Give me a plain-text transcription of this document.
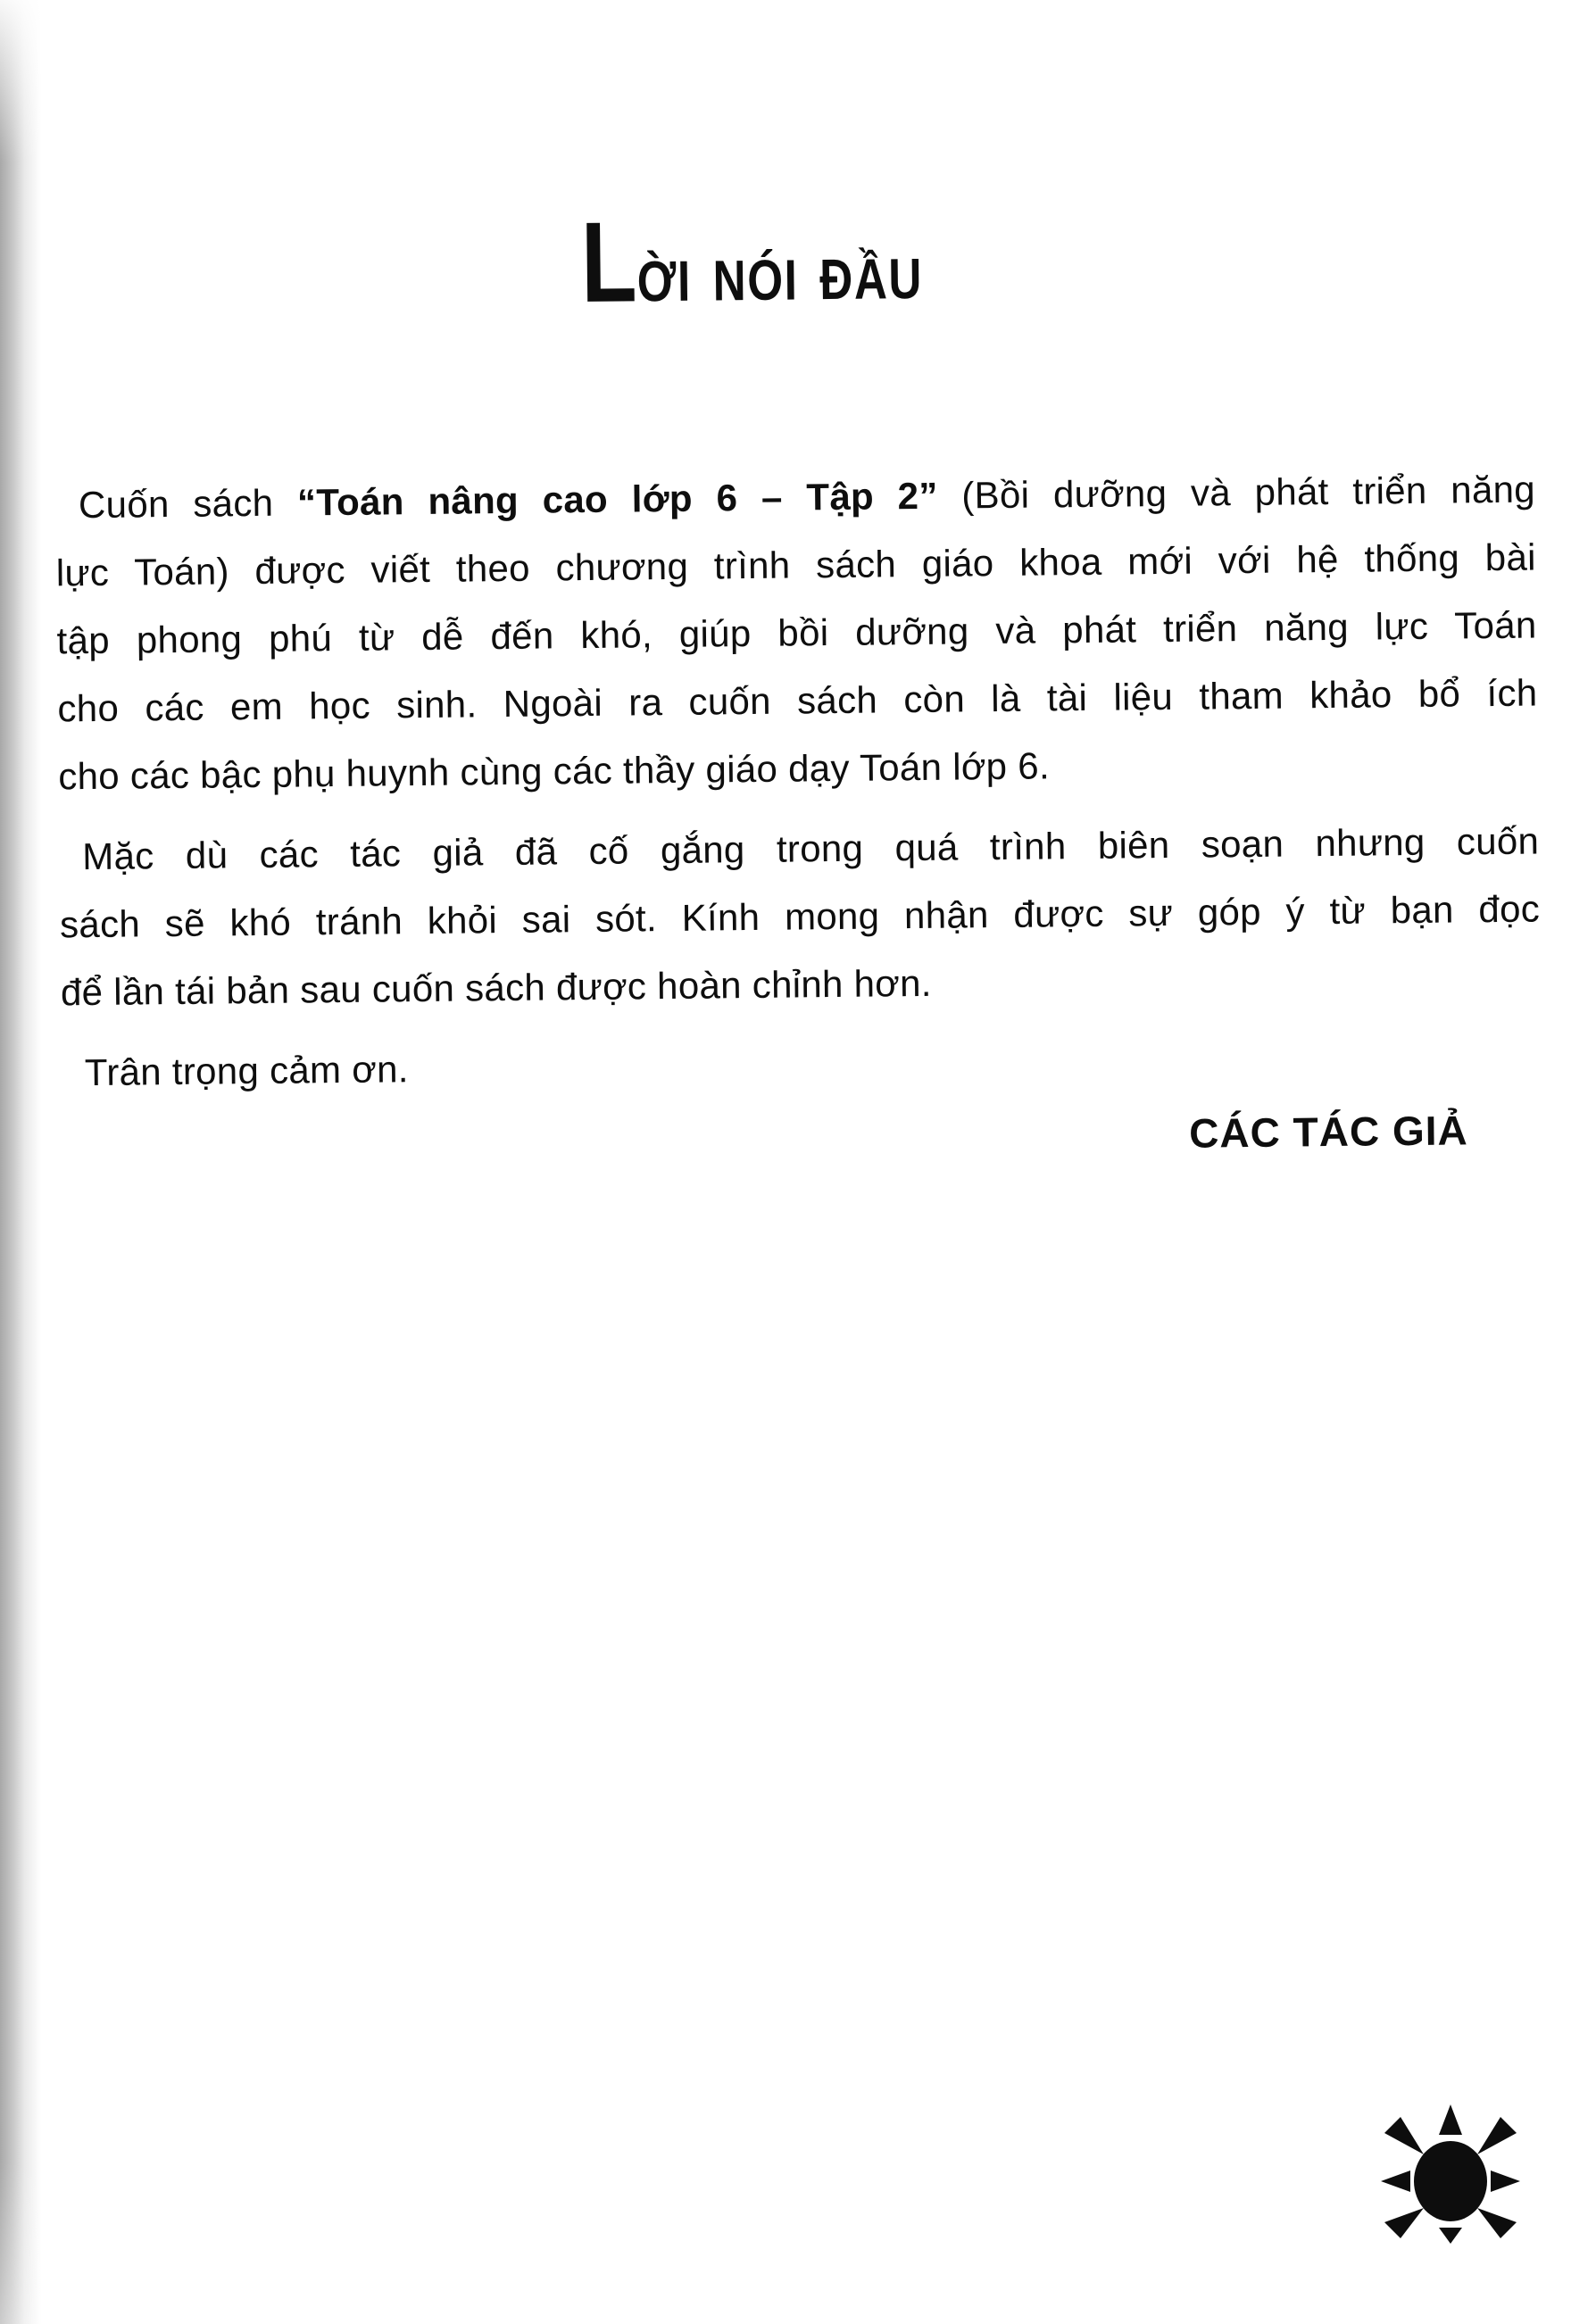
LỜI NÓI ĐẦU
Cuốn sách “Toán nâng cao lớp 6 – Tập 2” (Bồi dưỡng và phát triển năng
lực Toán) được viết theo chương trình sách giáo khoa mới với hệ thống bài
tập phong phú từ dễ đến khó, giúp bồi dưỡng và phát triển năng lực Toán
cho các em học sinh. Ngoài ra cuốn sách còn là tài liệu tham khảo bổ ích
cho các bậc phụ huynh cùng các thầy giáo dạy Toán lớp 6.
Mặc dù các tác giả đã cố gắng trong quá trình biên soạn nhưng cuốn
sách sẽ khó tránh khỏi sai sót. Kính mong nhận được sự góp ý từ bạn đọc
để lần tái bản sau cuốn sách được hoàn chỉnh hơn.
Trân trọng cảm ơn.
CÁC TÁC GIẢ
